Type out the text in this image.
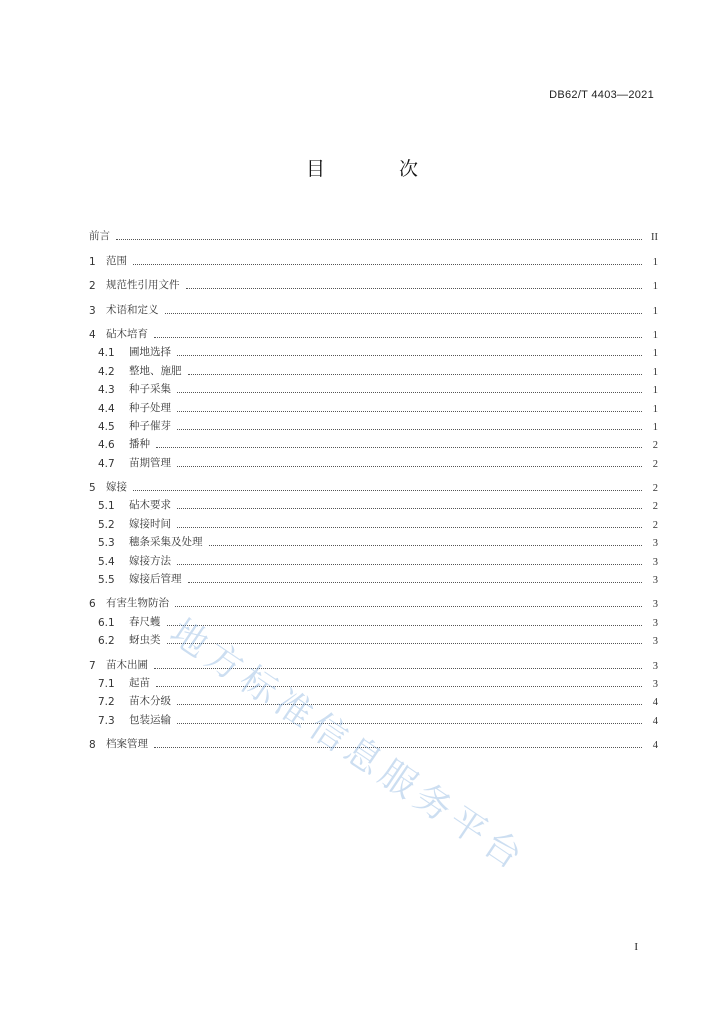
DB62/T 4403—2021
目 次
前言	II
1 范围	1
2 规范性引用文件	1
3 术语和定义	1
4 砧木培育	1
4.1	圃地选择	1
4.2	整地、施肥	1
4.3	种子采集	1
4.4	种子处理	1
4.5	种子催芽	1
4.6	播种	2
4.7	苗期管理	2
5 嫁接	2
5.1	砧木要求	2
5.2	嫁接时间	2
5.3	穗条采集及处理	3
5.4	嫁接方法	3
5.5	嫁接后管理	3
6 有害生物防治	3
6.1	春尺蠖	3
6.2	蚜虫类	3
7 苗木出圃	3
7.1	起苗	3
7.2	苗木分级	4
7.3	包装运输	4
8 档案管理	4
地方标准信息服务平台
I
